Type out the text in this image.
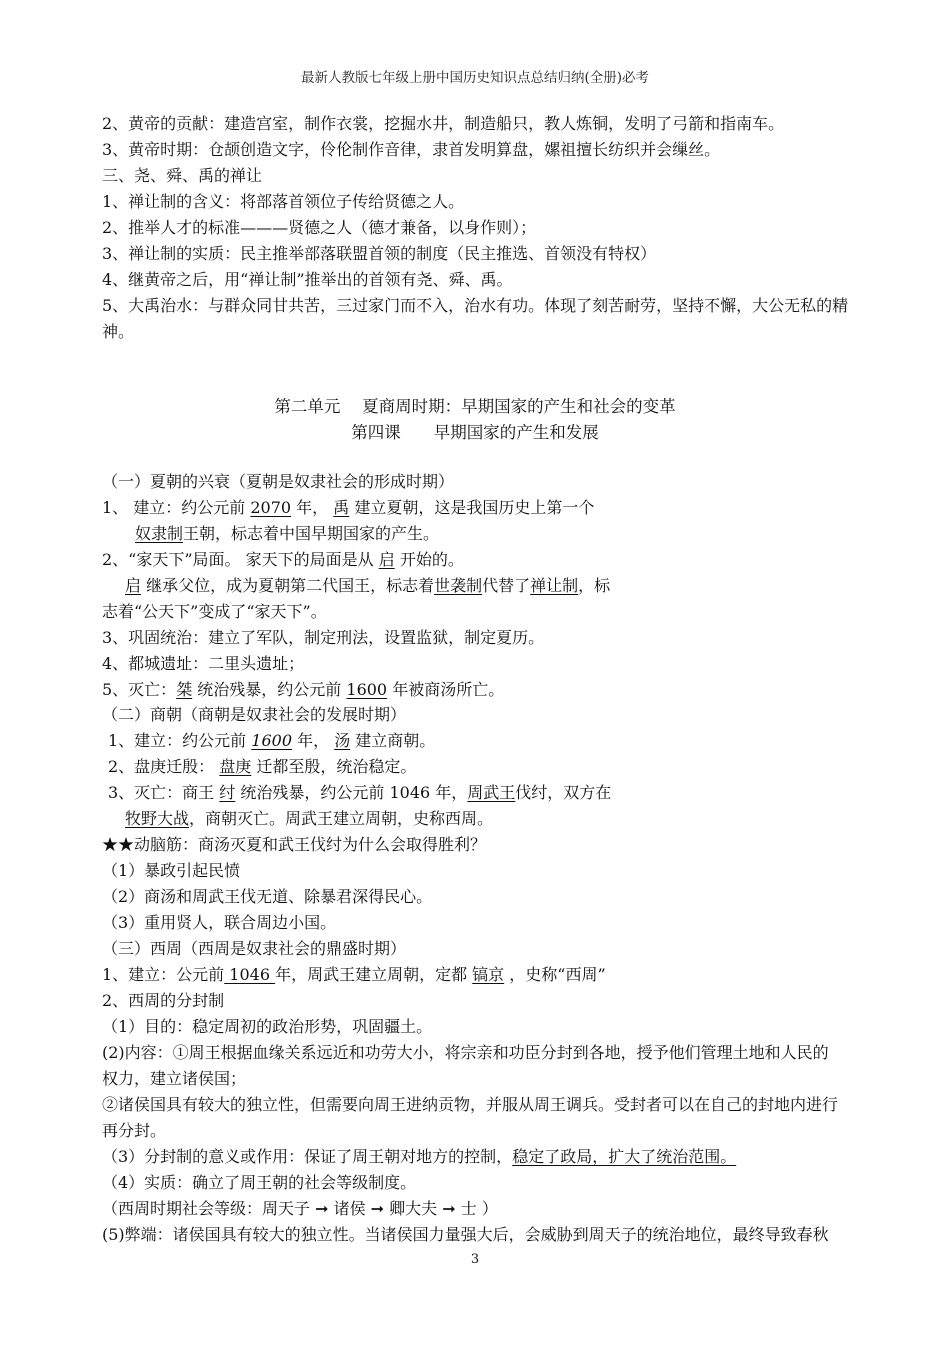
最新人教版七年级上册中国历史知识点总结归纳(全册)必考
2、黄帝的贡献：建造宫室，制作衣裳，挖掘水井，制造船只，教人炼铜，发明了弓箭和指南车。
3、黄帝时期：仓颉创造文字，伶伦制作音律，隶首发明算盘，嫘祖擅长纺织并会缫丝。
三、尧、舜、禹的禅让
1、禅让制的含义：将部落首领位子传给贤德之人。
2、推举人才的标准———贤德之人（德才兼备，以身作则）；
3、禅让制的实质：民主推举部落联盟首领的制度（民主推选、首领没有特权）
4、继黄帝之后，用“禅让制”推举出的首领有尧、舜、禹。
5、大禹治水：与群众同甘共苦，三过家门而不入，治水有功。体现了刻苦耐劳，坚持不懈，大公无私的精
神。
第二单元　 夏商周时期：早期国家的产生和社会的变革
第四课　　早期国家的产生和发展
（一）夏朝的兴衰（夏朝是奴隶社会的形成时期）
1、 建立：约公元前 2070 年， 禹 建立夏朝，这是我国历史上第一个
奴隶制王朝，标志着中国早期国家的产生。
2、“家天下”局面。 家天下的局面是从 启 开始的。
启 继承父位，成为夏朝第二代国王，标志着世袭制代替了禅让制，标
志着“公天下”变成了“家天下”。
3、巩固统治：建立了军队，制定刑法，设置监狱，制定夏历。
4、都城遗址：二里头遗址；
5、灭亡：桀 统治残暴，约公元前 1600 年被商汤所亡。
（二）商朝（商朝是奴隶社会的发展时期）
1、建立：约公元前 1600 年， 汤 建立商朝。
2、盘庚迁殷： 盘庚 迁都至殷，统治稳定。
3、灭亡：商王 纣 统治残暴，约公元前 1046 年，周武王伐纣，双方在
牧野大战，商朝灭亡。周武王建立周朝，史称西周。
★★动脑筋：商汤灭夏和武王伐纣为什么会取得胜利？
（1）暴政引起民愤
（2）商汤和周武王伐无道、除暴君深得民心。
（3）重用贤人，联合周边小国。
（三）西周（西周是奴隶社会的鼎盛时期）
1、建立：公元前 1046 年，周武王建立周朝，定都 镐京 ，史称“西周”
2、西周的分封制
（1）目的：稳定周初的政治形势，巩固疆土。
(2)内容：①周王根据血缘关系远近和功劳大小，将宗亲和功臣分封到各地，授予他们管理土地和人民的
权力，建立诸侯国；
②诸侯国具有较大的独立性，但需要向周王进纳贡物，并服从周王调兵。受封者可以在自己的封地内进行
再分封。
（3）分封制的意义或作用：保证了周王朝对地方的控制，稳定了政局，扩大了统治范围。
（4）实质：确立了周王朝的社会等级制度。
（西周时期社会等级：周天子 ➞ 诸侯 ➞ 卿大夫 ➞ 士 ）
(5)弊端：诸侯国具有较大的独立性。当诸侯国力量强大后，会威胁到周天子的统治地位，最终导致春秋
3
